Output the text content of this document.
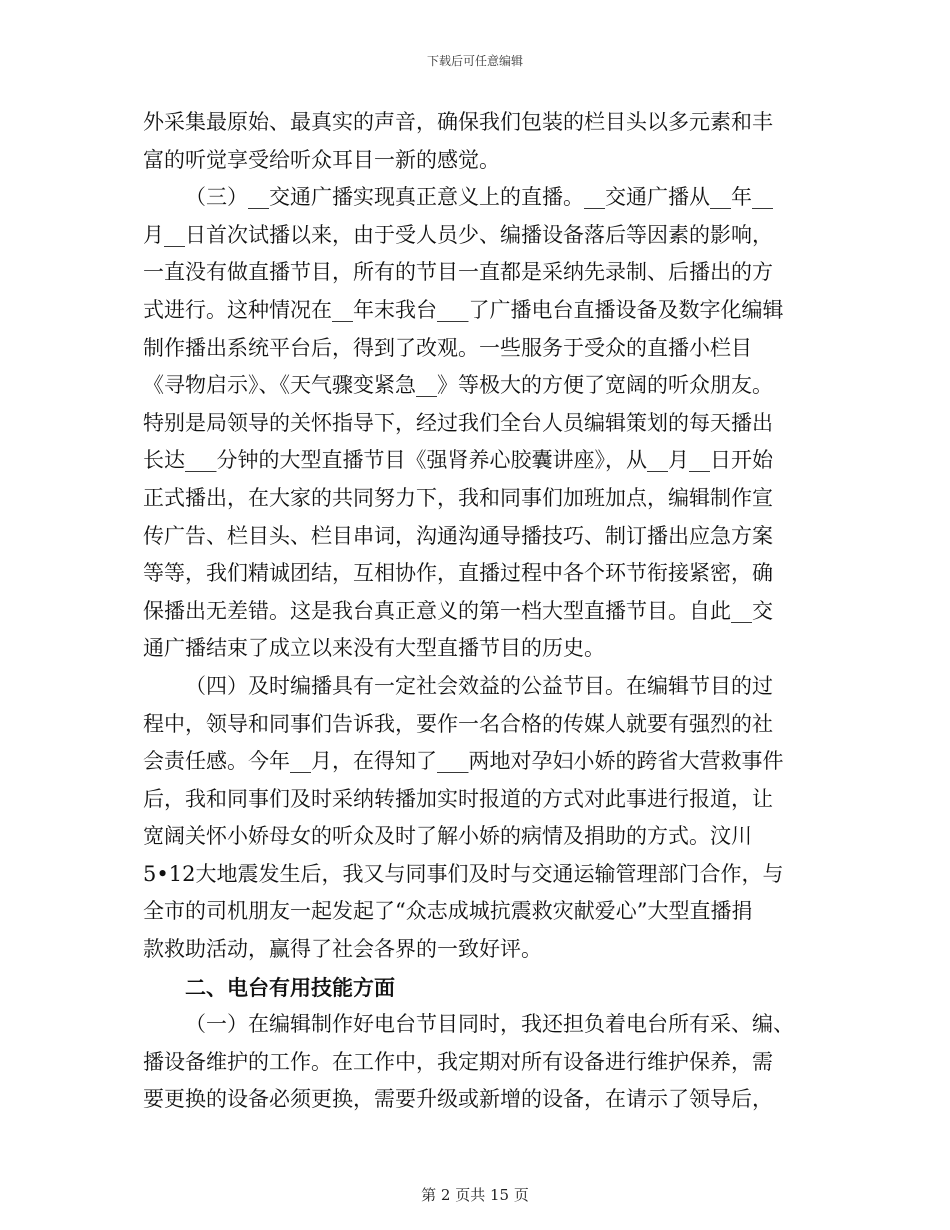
下载后可任意编辑
外采集最原始、最真实的声音，确保我们包装的栏目头以多元素和丰
富的听觉享受给听众耳目一新的感觉。
（三）__交通广播实现真正意义上的直播。__交通广播从__年__
月__日首次试播以来，由于受人员少、编播设备落后等因素的影响，
一直没有做直播节目，所有的节目一直都是采纳先录制、后播出的方
式进行。这种情况在__年末我台___了广播电台直播设备及数字化编辑
制作播出系统平台后，得到了改观。一些服务于受众的直播小栏目
《寻物启示》、《天气骤变紧急__》等极大的方便了宽阔的听众朋友。
特别是局领导的关怀指导下，经过我们全台人员编辑策划的每天播出
长达___分钟的大型直播节目《强肾养心胶囊讲座》，从__月__日开始
正式播出，在大家的共同努力下，我和同事们加班加点，编辑制作宣
传广告、栏目头、栏目串词，沟通沟通导播技巧、制订播出应急方案
等等，我们精诚团结，互相协作，直播过程中各个环节衔接紧密，确
保播出无差错。这是我台真正意义的第一档大型直播节目。自此__交
通广播结束了成立以来没有大型直播节目的历史。
（四）及时编播具有一定社会效益的公益节目。在编辑节目的过
程中，领导和同事们告诉我，要作一名合格的传媒人就要有强烈的社
会责任感。今年__月，在得知了___两地对孕妇小娇的跨省大营救事件
后，我和同事们及时采纳转播加实时报道的方式对此事进行报道，让
宽阔关怀小娇母女的听众及时了解小娇的病情及捐助的方式。汶川
5•12大地震发生后，我又与同事们及时与交通运输管理部门合作，与
全市的司机朋友一起发起了“众志成城抗震救灾献爱心”大型直播捐
款救助活动，赢得了社会各界的一致好评。
二、电台有用技能方面
（一）在编辑制作好电台节目同时，我还担负着电台所有采、编、
播设备维护的工作。在工作中，我定期对所有设备进行维护保养，需
要更换的设备必须更换，需要升级或新增的设备，在请示了领导后，
第 2 页共 15 页
